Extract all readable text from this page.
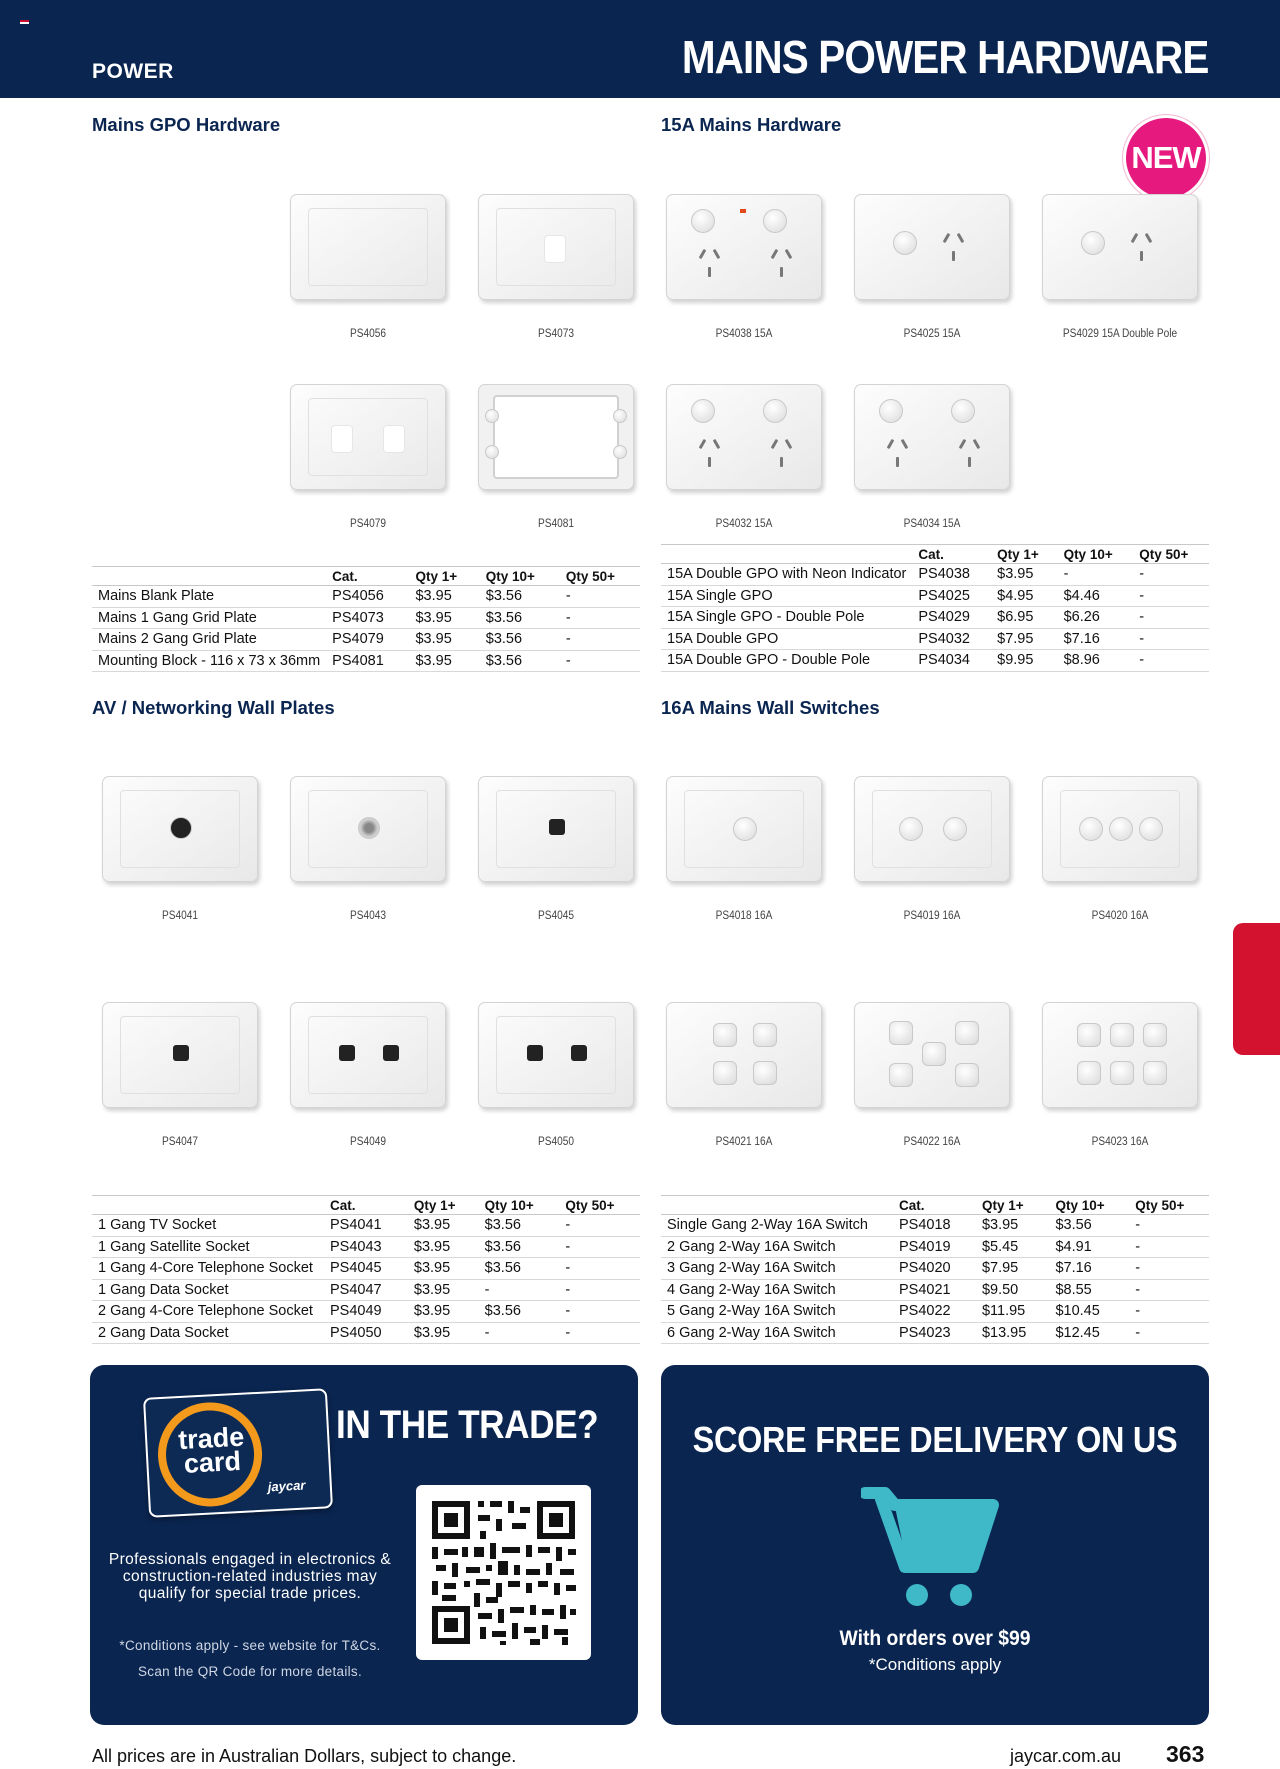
POWER	MAINS POWER HARDWARE
Mains GPO Hardware	15A Mains Hardware
AV / Networking Wall Plates	16A Mains Wall Switches
NEW
PS4056	PS4073
PS4079	PS4081
PS4038 15A	PS4025 15A	PS4029 15A Double Pole
PS4032 15A	PS4034 15A
	Cat.	Qty 1+	Qty 10+	Qty 50+
Mains Blank Plate	PS4056	$3.95	$3.56	-
Mains 1 Gang Grid Plate	PS4073	$3.95	$3.56	-
Mains 2 Gang Grid Plate	PS4079	$3.95	$3.56	-
Mounting Block - 116 x 73 x 36mm	PS4081	$3.95	$3.56	-
	Cat.	Qty 1+	Qty 10+	Qty 50+
15A Double GPO with Neon Indicator	PS4038	$3.95	-	-
15A Single GPO	PS4025	$4.95	$4.46	-
15A Single GPO - Double Pole	PS4029	$6.95	$6.26	-
15A Double GPO	PS4032	$7.95	$7.16	-
15A Double GPO - Double Pole	PS4034	$9.95	$8.96	-
PS4041	PS4043	PS4045
PS4047	PS4049	PS4050
PS4018 16A	PS4019 16A	PS4020 16A
PS4021 16A	PS4022 16A	PS4023 16A
	Cat.	Qty 1+	Qty 10+	Qty 50+
1 Gang TV Socket	PS4041	$3.95	$3.56	-
1 Gang Satellite Socket	PS4043	$3.95	$3.56	-
1 Gang 4-Core Telephone Socket	PS4045	$3.95	$3.56	-
1 Gang Data Socket	PS4047	$3.95	-	-
2 Gang 4-Core Telephone Socket	PS4049	$3.95	$3.56	-
2 Gang Data Socket	PS4050	$3.95	-	-
	Cat.	Qty 1+	Qty 10+	Qty 50+
Single Gang 2-Way 16A Switch	PS4018	$3.95	$3.56	-
2 Gang 2-Way 16A Switch	PS4019	$5.45	$4.91	-
3 Gang 2-Way 16A Switch	PS4020	$7.95	$7.16	-
4 Gang 2-Way 16A Switch	PS4021	$9.50	$8.55	-
5 Gang 2-Way 16A Switch	PS4022	$11.95	$10.45	-
6 Gang 2-Way 16A Switch	PS4023	$13.95	$12.45	-
trade card
jaycar
IN THE TRADE?
Professionals engaged in electronics & construction-related industries may qualify for special trade prices.
*Conditions apply - see website for T&Cs.
Scan the QR Code for more details.
SCORE FREE DELIVERY ON US
With orders over $99
*Conditions apply
All prices are in Australian Dollars, subject to change.	jaycar.com.au 363
